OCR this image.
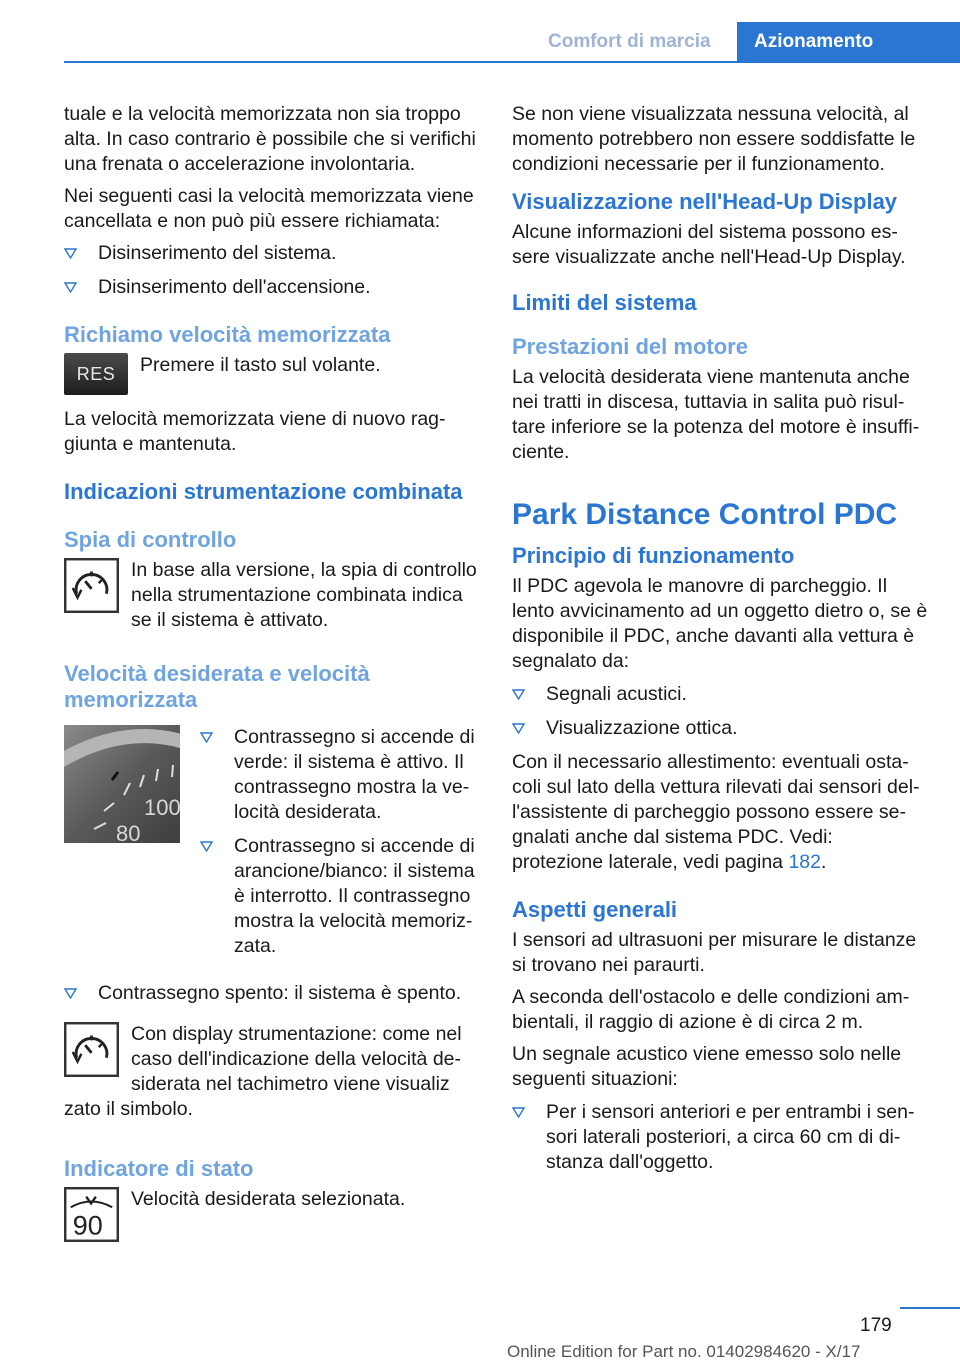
Comfort di marcia	Azionamento

tuale e la velocità memorizzata non sia troppo alta. In caso contrario è possibile che si verifichi una frenata o accelerazione involontaria.

Nei seguenti casi la velocità memorizzata viene cancellata e non può più essere richiamata:

Disinserimento del sistema.
Disinserimento dell'accensione.
Richiamo velocità memorizzata
RES	Premere il tasto sul volante.

La velocità memorizzata viene di nuovo raggiunta e mantenuta.

Indicazioni strumentazione combinata
Spia di controllo
In base alla versione, la spia di controllo nella strumentazione combinata indica se il sistema è attivato.
Velocità desiderata e velocità memorizzata
100
80
Contrassegno si accende di verde: il sistema è attivo. Il contrassegno mostra la velocità desiderata.
Contrassegno si accende di arancione/bianco: il sistema è interrotto. Il contrassegno mostra la velocità memorizzata.
Contrassegno spento: il sistema è spento.
Con display strumentazione: come nel caso dell'indicazione della velocità desiderata nel tachimetro viene visualiz

zato il simbolo.

Indicatore di stato
90
Velocità desiderata selezionata.

Se non viene visualizzata nessuna velocità, al momento potrebbero non essere soddisfatte le condizioni necessarie per il funzionamento.

Visualizzazione nell'Head-Up Display

Alcune informazioni del sistema possono essere visualizzate anche nell'Head-Up Display.

Limiti del sistema
Prestazioni del motore

La velocità desiderata viene mantenuta anche nei tratti in discesa, tuttavia in salita può risultare inferiore se la potenza del motore è insufficiente.

Park Distance Control PDC
Principio di funzionamento

Il PDC agevola le manovre di parcheggio. Il lento avvicinamento ad un oggetto dietro o, se è disponibile il PDC, anche davanti alla vettura è segnalato da:

Segnali acustici.
Visualizzazione ottica.

Con il necessario allestimento: eventuali ostacoli sul lato della vettura rilevati dai sensori dell'assistente di parcheggio possono essere segnalati anche dal sistema PDC. Vedi: protezione laterale, vedi pagina 182.

Aspetti generali

I sensori ad ultrasuoni per misurare le distanze si trovano nei paraurti.

A seconda dell'ostacolo e delle condizioni ambientali, il raggio di azione è di circa 2 m.

Un segnale acustico viene emesso solo nelle seguenti situazioni:

Per i sensori anteriori e per entrambi i sensori laterali posteriori, a circa 60 cm di distanza dall'oggetto.
179
Online Edition for Part no. 01402984620 - X/17
